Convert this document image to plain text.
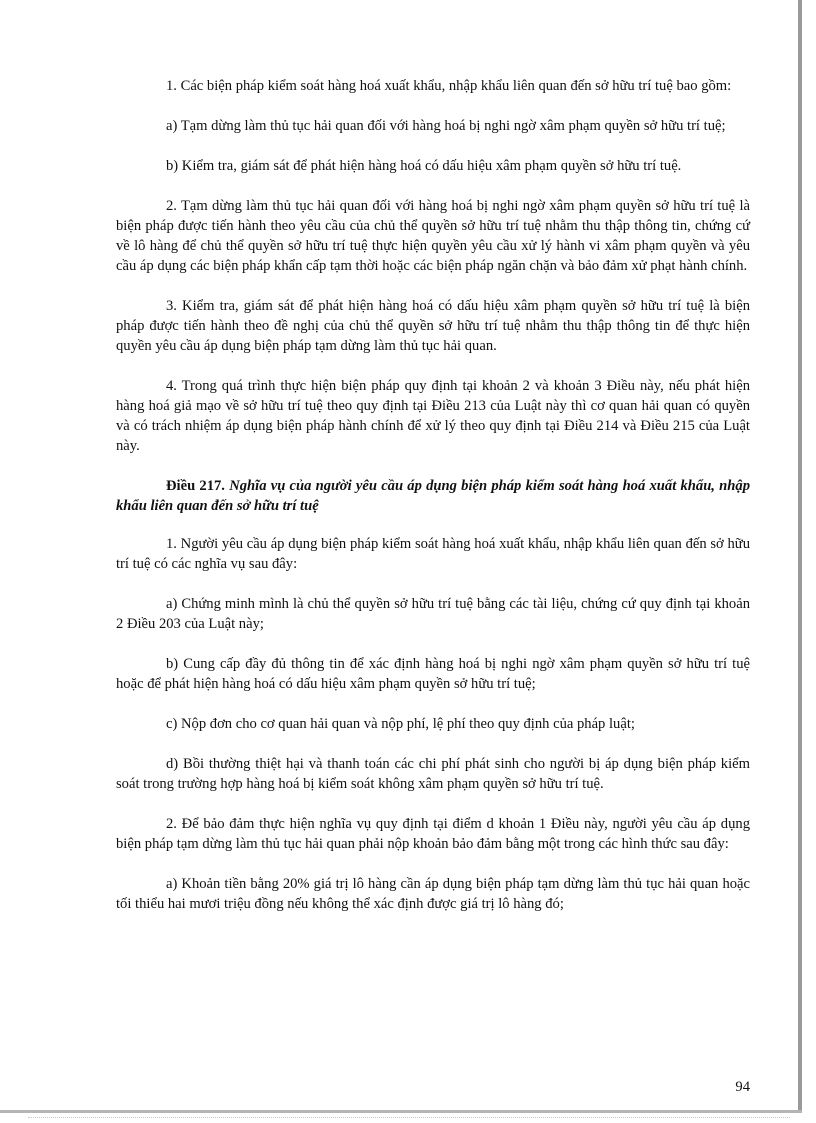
1. Các biện pháp kiểm soát hàng hoá xuất khẩu, nhập khẩu liên quan đến sở hữu trí tuệ bao gồm:

a) Tạm dừng làm thủ tục hải quan đối với hàng hoá bị nghi ngờ xâm phạm quyền sở hữu trí tuệ;

b) Kiểm tra, giám sát để phát hiện hàng hoá có dấu hiệu xâm phạm quyền sở hữu trí tuệ.

2. Tạm dừng làm thủ tục hải quan đối với hàng hoá bị nghi ngờ xâm phạm quyền sở hữu trí tuệ là biện pháp được tiến hành theo yêu cầu của chủ thể quyền sở hữu trí tuệ nhằm thu thập thông tin, chứng cứ về lô hàng để chủ thể quyền sở hữu trí tuệ thực hiện quyền yêu cầu xử lý hành vi xâm phạm quyền và yêu cầu áp dụng các biện pháp khẩn cấp tạm thời hoặc các biện pháp ngăn chặn và bảo đảm xử phạt hành chính.

3. Kiểm tra, giám sát để phát hiện hàng hoá có dấu hiệu xâm phạm quyền sở hữu trí tuệ là biện pháp được tiến hành theo đề nghị của chủ thể quyền sở hữu trí tuệ nhằm thu thập thông tin để thực hiện quyền yêu cầu áp dụng biện pháp tạm dừng làm thủ tục hải quan.

4. Trong quá trình thực hiện biện pháp quy định tại khoản 2 và khoản 3 Điều này, nếu phát hiện hàng hoá giả mạo về sở hữu trí tuệ theo quy định tại Điều 213 của Luật này thì cơ quan hải quan có quyền và có trách nhiệm áp dụng biện pháp hành chính để xử lý theo quy định tại Điều 214 và Điều 215 của Luật này.

Điều 217. Nghĩa vụ của người yêu cầu áp dụng biện pháp kiểm soát hàng hoá xuất khẩu, nhập khẩu liên quan đến sở hữu trí tuệ

1. Người yêu cầu áp dụng biện pháp kiểm soát hàng hoá xuất khẩu, nhập khẩu liên quan đến sở hữu trí tuệ có các nghĩa vụ sau đây:

a) Chứng minh mình là chủ thể quyền sở hữu trí tuệ bằng các tài liệu, chứng cứ quy định tại khoản 2 Điều 203 của Luật này;

b) Cung cấp đầy đủ thông tin để xác định hàng hoá bị nghi ngờ xâm phạm quyền sở hữu trí tuệ hoặc để phát hiện hàng hoá có dấu hiệu xâm phạm quyền sở hữu trí tuệ;

c) Nộp đơn cho cơ quan hải quan và nộp phí, lệ phí theo quy định của pháp luật;

d) Bồi thường thiệt hại và thanh toán các chi phí phát sinh cho người bị áp dụng biện pháp kiểm soát trong trường hợp hàng hoá bị kiểm soát không xâm phạm quyền sở hữu trí tuệ.

2. Để bảo đảm thực hiện nghĩa vụ quy định tại điểm d khoản 1 Điều này, người yêu cầu áp dụng biện pháp tạm dừng làm thủ tục hải quan phải nộp khoản bảo đảm bằng một trong các hình thức sau đây:

a) Khoản tiền bằng 20% giá trị lô hàng cần áp dụng biện pháp tạm dừng làm thủ tục hải quan hoặc tối thiểu hai mươi triệu đồng nếu không thể xác định được giá trị lô hàng đó;

94
